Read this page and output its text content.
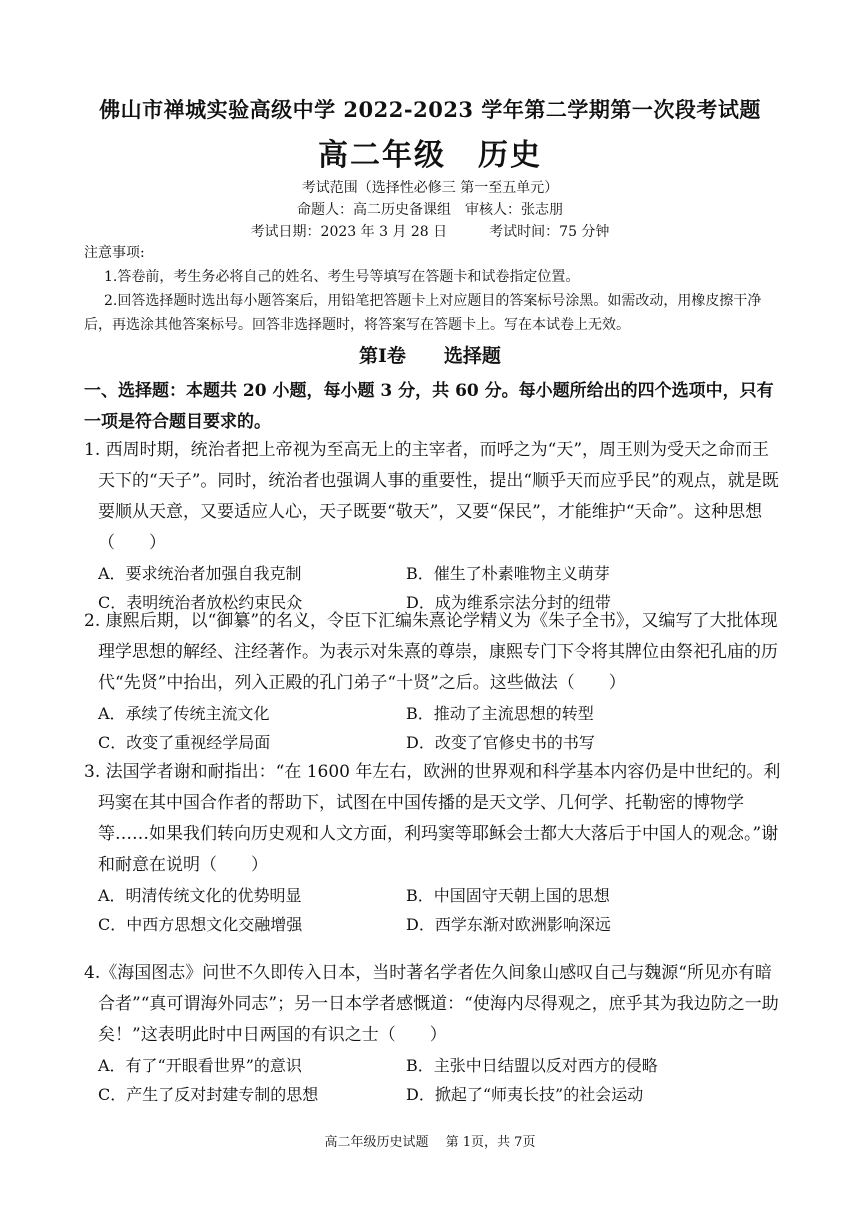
佛山市禅城实验高级中学 2022-2023 学年第二学期第一次段考试题
高二年级　历史
考试范围（选择性必修三 第一至五单元）
命题人：高二历史备课组　审核人：张志朋
考试日期：2023 年 3 月 28 日　　　考试时间：75 分钟
注意事项:
1.答卷前，考生务必将自己的姓名、考生号等填写在答题卡和试卷指定位置。
2.回答选择题时选出每小题答案后，用铅笔把答题卡上对应题目的答案标号涂黑。如需改动，用橡皮擦干净后，再选涂其他答案标号。回答非选择题时，将答案写在答题卡上。写在本试卷上无效。
第Ⅰ卷　　选择题
一、选择题：本题共 20 小题，每小题 3 分，共 60 分。每小题所给出的四个选项中，只有一项是符合题目要求的。
1. 西周时期，统治者把上帝视为至高无上的主宰者，而呼之为“天”，周王则为受天之命而王天下的“天子”。同时，统治者也强调人事的重要性，提出“顺乎天而应乎民”的观点，就是既要顺从天意，又要适应人心，天子既要“敬天”，又要“保民”，才能维护“天命”。这种思想（　　）
A．要求统治者加强自我克制	B．催生了朴素唯物主义萌芽
C．表明统治者放松约束民众	D．成为维系宗法分封的纽带
2. 康熙后期，以“御纂”的名义，令臣下汇编朱熹论学精义为《朱子全书》，又编写了大批体现理学思想的解经、注经著作。为表示对朱熹的尊崇，康熙专门下令将其牌位由祭祀孔庙的历代“先贤”中抬出，列入正殿的孔门弟子“十贤”之后。这些做法（　　）
A．承续了传统主流文化	B．推动了主流思想的转型
C．改变了重视经学局面	D．改变了官修史书的书写
3. 法国学者谢和耐指出：“在 1600 年左右，欧洲的世界观和科学基本内容仍是中世纪的。利玛窦在其中国合作者的帮助下，试图在中国传播的是天文学、几何学、托勒密的博物学等……如果我们转向历史观和人文方面，利玛窦等耶稣会士都大大落后于中国人的观念。”谢和耐意在说明（　　）
A．明清传统文化的优势明显	B．中国固守天朝上国的思想
C．中西方思想文化交融增强	D．西学东渐对欧洲影响深远
4.《海国图志》问世不久即传入日本，当时著名学者佐久间象山感叹自己与魏源“所见亦有暗合者”“真可谓海外同志”；另一日本学者感慨道：“使海内尽得观之，庶乎其为我边防之一助矣！”这表明此时中日两国的有识之士（　　）
A．有了“开眼看世界”的意识	B．主张中日结盟以反对西方的侵略
C．产生了反对封建专制的思想	D．掀起了“师夷长技”的社会运动
高二年级历史试题　 第 1页，共 7页
